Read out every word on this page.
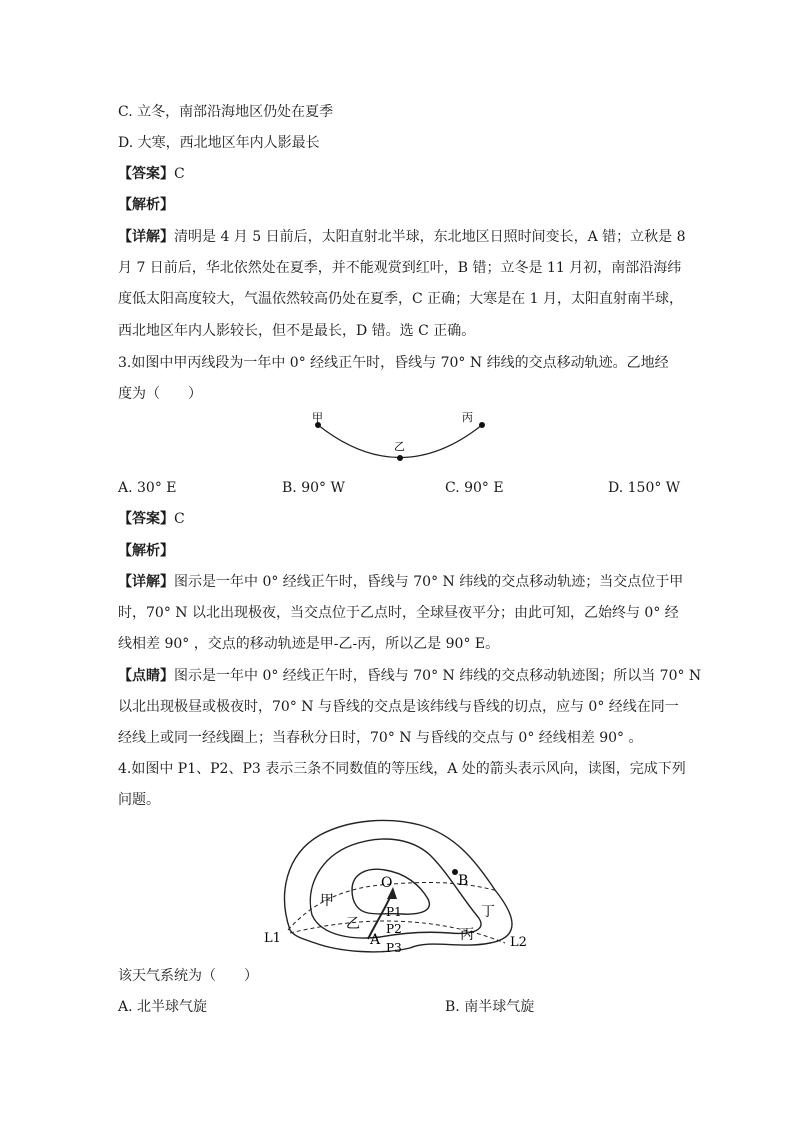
C. 立冬，南部沿海地区仍处在夏季
D. 大寒，西北地区年内人影最长
【答案】C
【解析】
【详解】清明是 4 月 5 日前后，太阳直射北半球，东北地区日照时间变长，A 错；立秋是 8
月 7 日前后，华北依然处在夏季，并不能观赏到红叶，B 错；立冬是 11 月初，南部沿海纬
度低太阳高度较大，气温依然较高仍处在夏季，C 正确；大寒是在 1 月，太阳直射南半球，
西北地区年内人影较长，但不是最长，D 错。选 C 正确。
3.如图中甲丙线段为一年中 0° 经线正午时，昏线与 70° N 纬线的交点移动轨迹。乙地经
度为（　　）
甲
乙
丙
A. 30° E	B. 90° W	C. 90° E	D. 150° W
【答案】C
【解析】
【详解】图示是一年中 0° 经线正午时，昏线与 70° N 纬线的交点移动轨迹；当交点位于甲
时，70° N 以北出现极夜，当交点位于乙点时，全球昼夜平分；由此可知，乙始终与 0° 经
线相差 90° ，交点的移动轨迹是甲-乙-丙，所以乙是 90° E。
【点睛】图示是一年中 0° 经线正午时，昏线与 70° N 纬线的交点移动轨迹图；所以当 70° N
以北出现极昼或极夜时，70° N 与昏线的交点是该纬线与昏线的切点，应与 0° 经线在同一
经线上或同一经线圈上；当春秋分日时，70° N 与昏线的交点与 0° 经线相差 90° 。
4.如图中 P1、P2、P3 表示三条不同数值的等压线，A 处的箭头表示风向，读图，完成下列
问题。
O	B
甲
乙
丙
丁
P1
P2
A P3
L1	L2
该天气系统为（　　）
A. 北半球气旋	B. 南半球气旋
